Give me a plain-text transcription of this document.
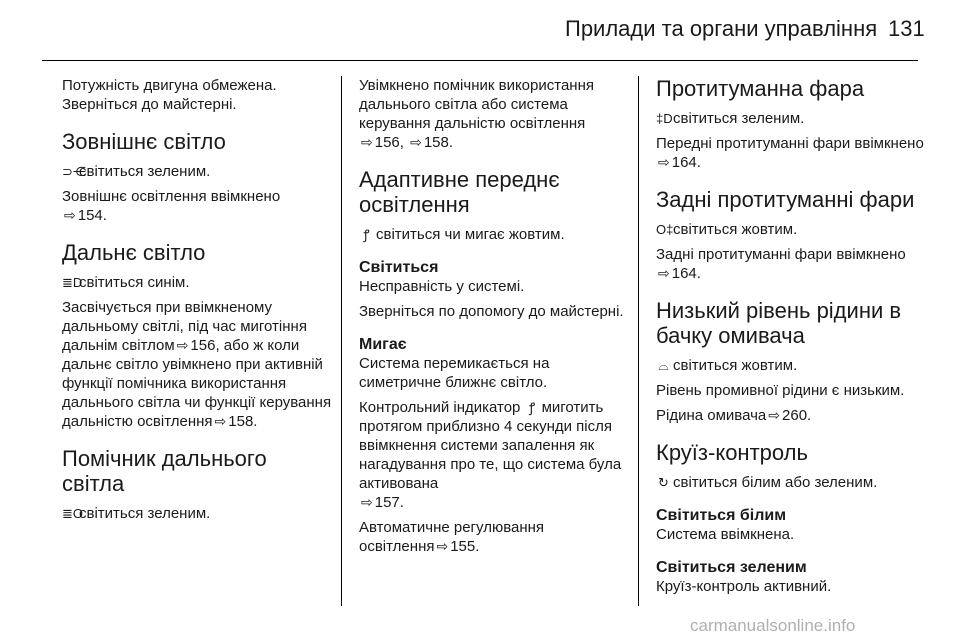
Прилади та органи управління 131

Потужність двигуна обмежена. Зверніться до майстерні.

Зовнішнє світло

⊃⋲світиться зеленим.

Зовнішнє освітлення ввімкнено
⇨ 154.

Дальнє світло

≣Dсвітиться синім.

Засвічується при ввімкненому дальньому світлі, під час миготіння дальнім світлом ⇨ 156, або ж коли дальнє світло увімкнено при активній функції помічника використання дальнього світла чи функції керування дальністю освітлення ⇨ 158.

Помічник дальнього світла

≣Oсвітиться зеленим.

Увімкнено помічник використання дальнього світла або система керування дальністю освітлення
⇨ 156, ⇨ 158.

Адаптивне переднє освітлення

ꝭ світиться чи мигає жовтим.

Світиться

Несправність у системі.

Зверніться по допомогу до майстерні.

Мигає

Система перемикається на симетричне ближнє світло.

Контрольний індикатор ꝭ миготить протягом приблизно 4 секунди після ввімкнення системи запалення як нагадування про те, що система була активована
⇨ 157.

Автоматичне регулювання освітлення ⇨ 155.

Протитуманна фара

‡Dсвітиться зеленим.

Передні протитуманні фари ввімкнено
⇨ 164.

Задні протитуманні фари

O‡світиться жовтим.

Задні протитуманні фари ввімкнено
⇨ 164.

Низький рівень рідини в бачку омивача

⌓ світиться жовтим.

Рівень промивної рідини є низьким.

Рідина омивача ⇨ 260.

Круїз-контроль

↻ світиться білим або зеленим.

Світиться білим

Система ввімкнена.

Світиться зеленим

Круїз-контроль активний.

carmanualsonline.info
